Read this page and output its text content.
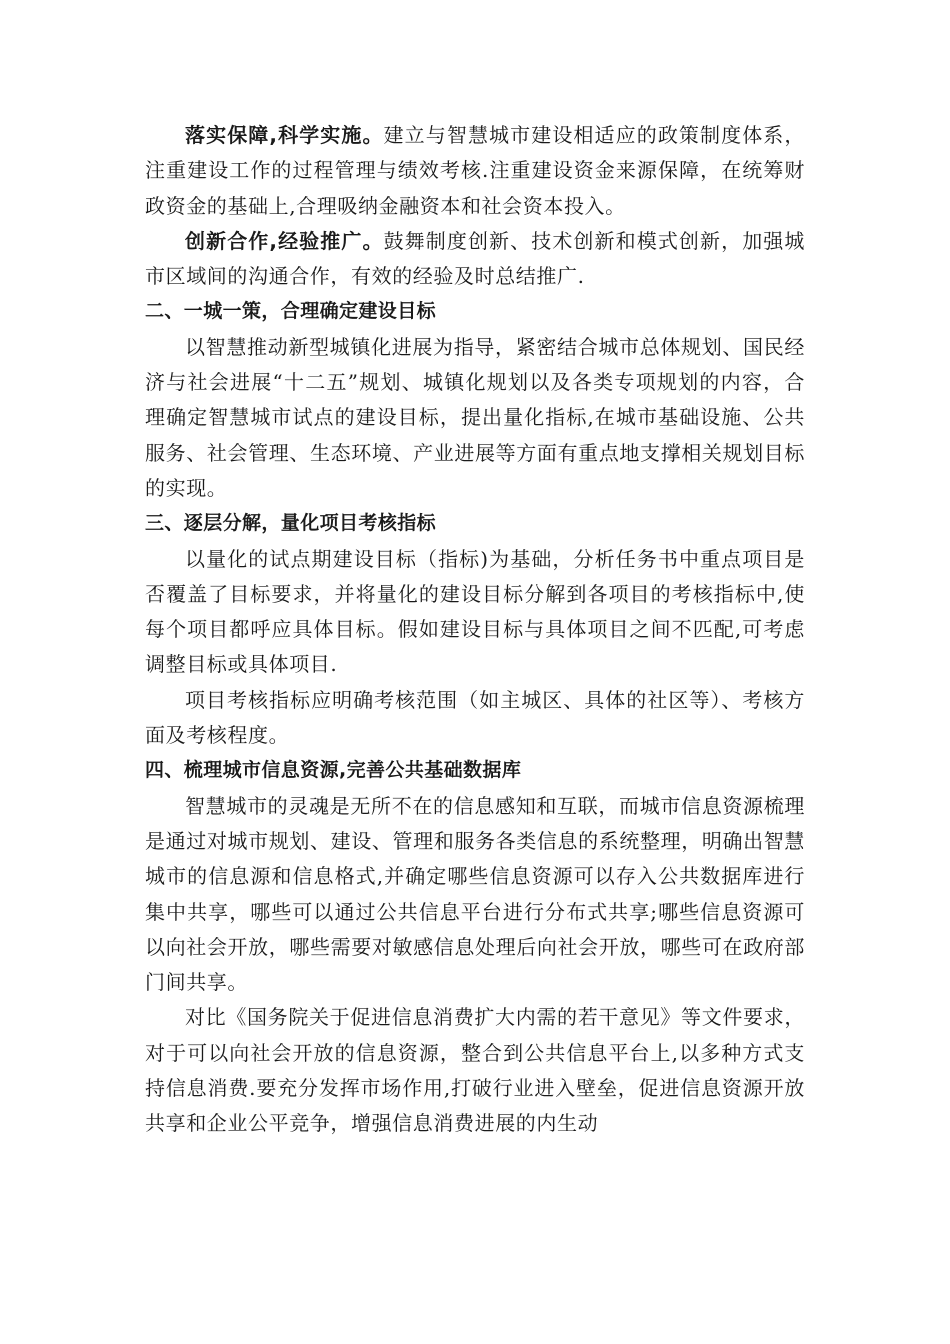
落实保障,科学实施。建立与智慧城市建设相适应的政策制度体系，注重建设工作的过程管理与绩效考核.注重建设资金来源保障，在统筹财政资金的基础上,合理吸纳金融资本和社会资本投入。

创新合作,经验推广。鼓舞制度创新、技术创新和模式创新，加强城市区域间的沟通合作，有效的经验及时总结推广.

二、一城一策，合理确定建设目标

以智慧推动新型城镇化进展为指导，紧密结合城市总体规划、国民经济与社会进展“十二五”规划、城镇化规划以及各类专项规划的内容，合理确定智慧城市试点的建设目标，提出量化指标,在城市基础设施、公共服务、社会管理、生态环境、产业进展等方面有重点地支撑相关规划目标的实现。

三、逐层分解，量化项目考核指标

以量化的试点期建设目标（指标)为基础，分析任务书中重点项目是否覆盖了目标要求，并将量化的建设目标分解到各项目的考核指标中,使每个项目都呼应具体目标。假如建设目标与具体项目之间不匹配,可考虑调整目标或具体项目.

项目考核指标应明确考核范围（如主城区、具体的社区等）、考核方面及考核程度。

四、梳理城市信息资源,完善公共基础数据库

智慧城市的灵魂是无所不在的信息感知和互联，而城市信息资源梳理是通过对城市规划、建设、管理和服务各类信息的系统整理，明确出智慧城市的信息源和信息格式,并确定哪些信息资源可以存入公共数据库进行集中共享，哪些可以通过公共信息平台进行分布式共享;哪些信息资源可以向社会开放，哪些需要对敏感信息处理后向社会开放，哪些可在政府部门间共享。

对比《国务院关于促进信息消费扩大内需的若干意见》等文件要求，对于可以向社会开放的信息资源，整合到公共信息平台上,以多种方式支持信息消费.要充分发挥市场作用,打破行业进入壁垒，促进信息资源开放共享和企业公平竞争，增强信息消费进展的内生动
